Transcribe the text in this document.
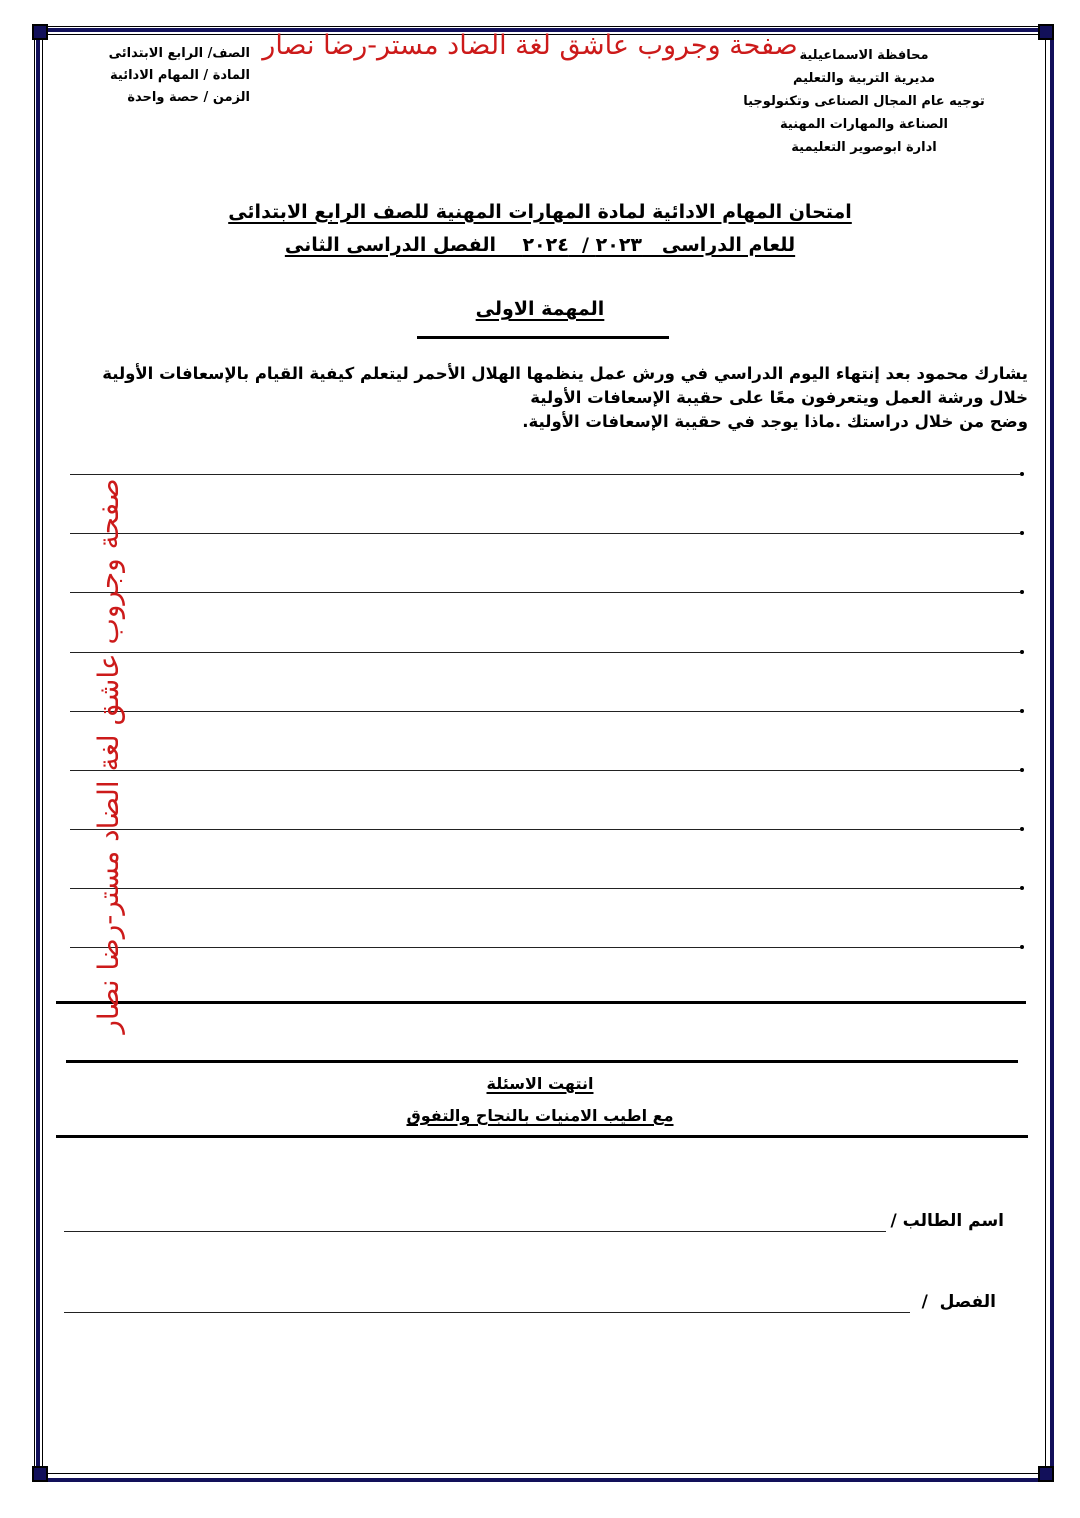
محافظة الاسماعيلية
مديرية التربية والتعليم
توجيه عام المجال الصناعى وتكنولوجيا
الصناعة والمهارات المهنية
ادارة ابوصوير التعليمية
صفحة وجروب عاشق لغة الضاد مستر-رضا نصار
الصف/ الرابع الابتدائى
المادة / المهام الادائية
الزمن / حصة واحدة
امتحان المهام الادائية لمادة المهارات المهنية للصف الرابع الابتدائى
للعام الدراسى   ٢٠٢٣ /  ٢٠٢٤    الفصل الدراسى الثانى
المهمة الاولى
يشارك محمود بعد إنتهاء اليوم الدراسي في ورش عمل ينظمها الهلال الأحمر ليتعلم كيفية القيام بالإسعافات الأولية
خلال ورشة العمل ويتعرفون معًا على حقيبة الإسعافات الأولية
وضح من خلال دراستك .ماذا يوجد في حقيبة الإسعافات الأولية.
صفحة وجروب عاشق لغة الضاد مستر-رضا نصار
انتهت الاسئلة
مع اطيب الامنيات بالنجاح والتفوق
اسم الطالب /
الفصل  /
